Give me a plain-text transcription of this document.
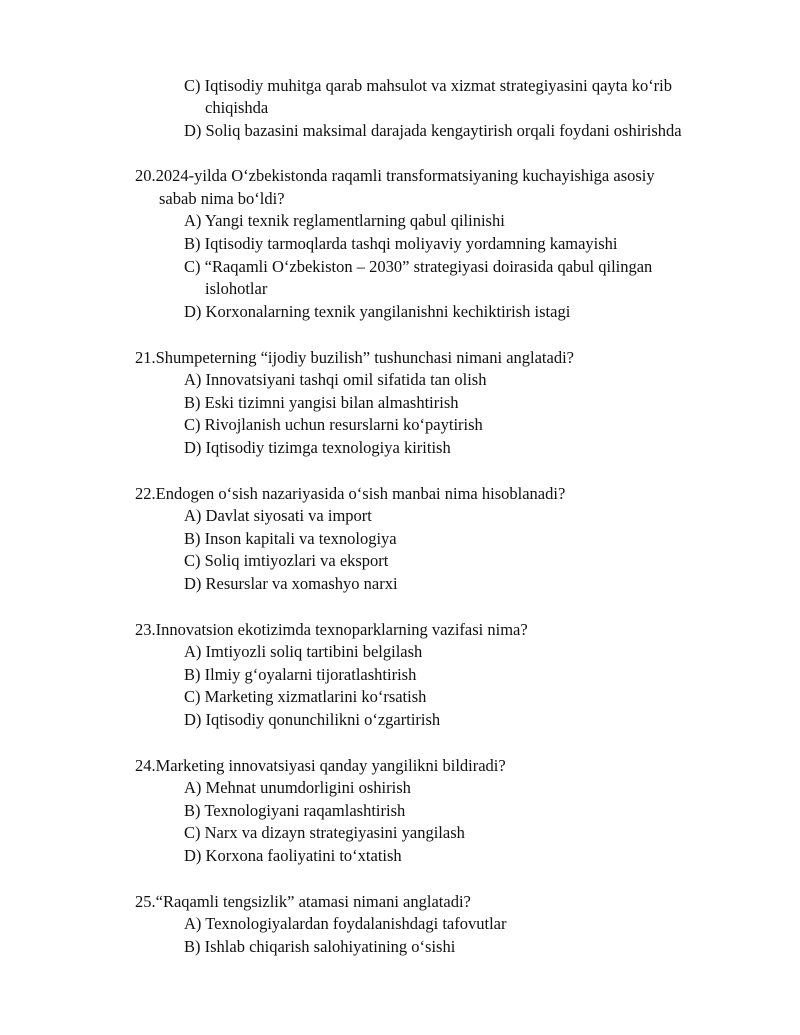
C) Iqtisodiy muhitga qarab mahsulot va xizmat strategiyasini qayta ko‘rib
chiqishda
D) Soliq bazasini maksimal darajada kengaytirish orqali foydani oshirishda
20.2024-yilda O‘zbekistonda raqamli transformatsiyaning kuchayishiga asosiy
sabab nima bo‘ldi?
A) Yangi texnik reglamentlarning qabul qilinishi
B) Iqtisodiy tarmoqlarda tashqi moliyaviy yordamning kamayishi
C) “Raqamli O‘zbekiston – 2030” strategiyasi doirasida qabul qilingan
islohotlar
D) Korxonalarning texnik yangilanishni kechiktirish istagi
21.Shumpeterning “ijodiy buzilish” tushunchasi nimani anglatadi?
A) Innovatsiyani tashqi omil sifatida tan olish
B) Eski tizimni yangisi bilan almashtirish
C) Rivojlanish uchun resurslarni ko‘paytirish
D) Iqtisodiy tizimga texnologiya kiritish
22.Endogen o‘sish nazariyasida o‘sish manbai nima hisoblanadi?
A) Davlat siyosati va import
B) Inson kapitali va texnologiya
C) Soliq imtiyozlari va eksport
D) Resurslar va xomashyo narxi
23.Innovatsion ekotizimda texnoparklarning vazifasi nima?
A) Imtiyozli soliq tartibini belgilash
B) Ilmiy g‘oyalarni tijoratlashtirish
C) Marketing xizmatlarini ko‘rsatish
D) Iqtisodiy qonunchilikni o‘zgartirish
24.Marketing innovatsiyasi qanday yangilikni bildiradi?
A) Mehnat unumdorligini oshirish
B) Texnologiyani raqamlashtirish
C) Narx va dizayn strategiyasini yangilash
D) Korxona faoliyatini to‘xtatish
25.“Raqamli tengsizlik” atamasi nimani anglatadi?
A) Texnologiyalardan foydalanishdagi tafovutlar
B) Ishlab chiqarish salohiyatining o‘sishi
